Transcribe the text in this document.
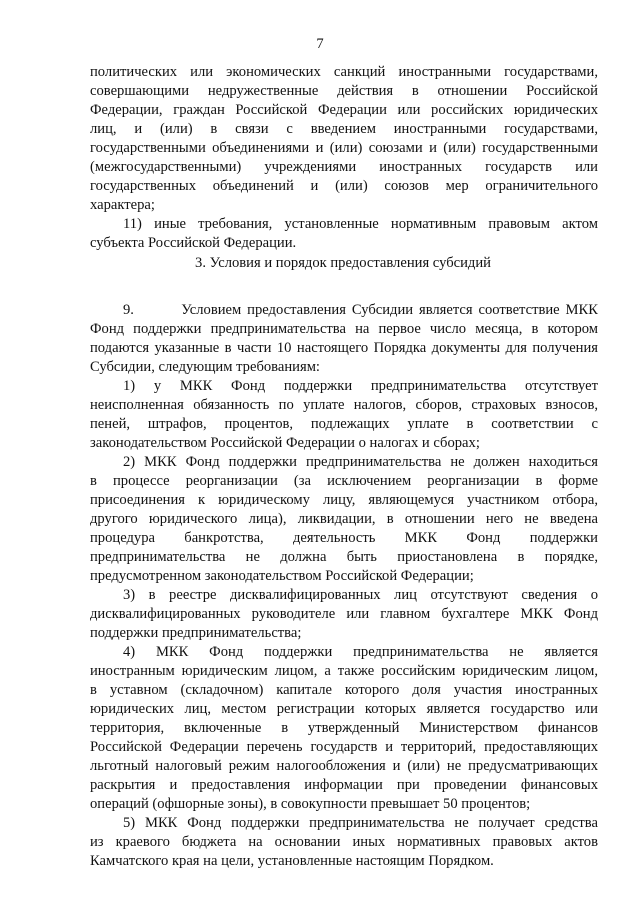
7
политических или экономических санкций иностранными государствами,
совершающими недружественные действия в отношении Российской
Федерации, граждан Российской Федерации или российских юридических
лиц, и (или) в связи с введением иностранными государствами,
государственными объединениями и (или) союзами и (или) государственными
(межгосударственными) учреждениями иностранных государств или
государственных объединений и (или) союзов мер ограничительного
характера;
11) иные требования, установленные нормативным правовым актом
субъекта Российской Федерации.
3. Условия и порядок предоставления субсидий
9.        Условием предоставления Субсидии является соответствие МКК
Фонд поддержки предпринимательства на первое число месяца, в котором
подаются указанные в части 10 настоящего Порядка документы для получения
Субсидии, следующим требованиям:
1) у МКК Фонд поддержки предпринимательства отсутствует
неисполненная обязанность по уплате налогов, сборов, страховых взносов,
пеней, штрафов, процентов, подлежащих уплате в соответствии с
законодательством Российской Федерации о налогах и сборах;
2) МКК Фонд поддержки предпринимательства не должен находиться
в процессе реорганизации (за исключением реорганизации в форме
присоединения к юридическому лицу, являющемуся участником отбора,
другого юридического лица), ликвидации, в отношении него не введена
процедура банкротства, деятельность МКК Фонд поддержки
предпринимательства не должна быть приостановлена в порядке,
предусмотренном законодательством Российской Федерации;
3) в реестре дисквалифицированных лиц отсутствуют сведения о
дисквалифицированных руководителе или главном бухгалтере МКК Фонд
поддержки предпринимательства;
4) МКК Фонд поддержки предпринимательства не является
иностранным юридическим лицом, а также российским юридическим лицом,
в уставном (складочном) капитале которого доля участия иностранных
юридических лиц, местом регистрации которых является государство или
территория, включенные в утвержденный Министерством финансов
Российской Федерации перечень государств и территорий, предоставляющих
льготный налоговый режим налогообложения и (или) не предусматривающих
раскрытия и предоставления информации при проведении финансовых
операций (офшорные зоны), в совокупности превышает 50 процентов;
5) МКК Фонд поддержки предпринимательства не получает средства
из краевого бюджета на основании иных нормативных правовых актов
Камчатского края на цели, установленные настоящим Порядком.
